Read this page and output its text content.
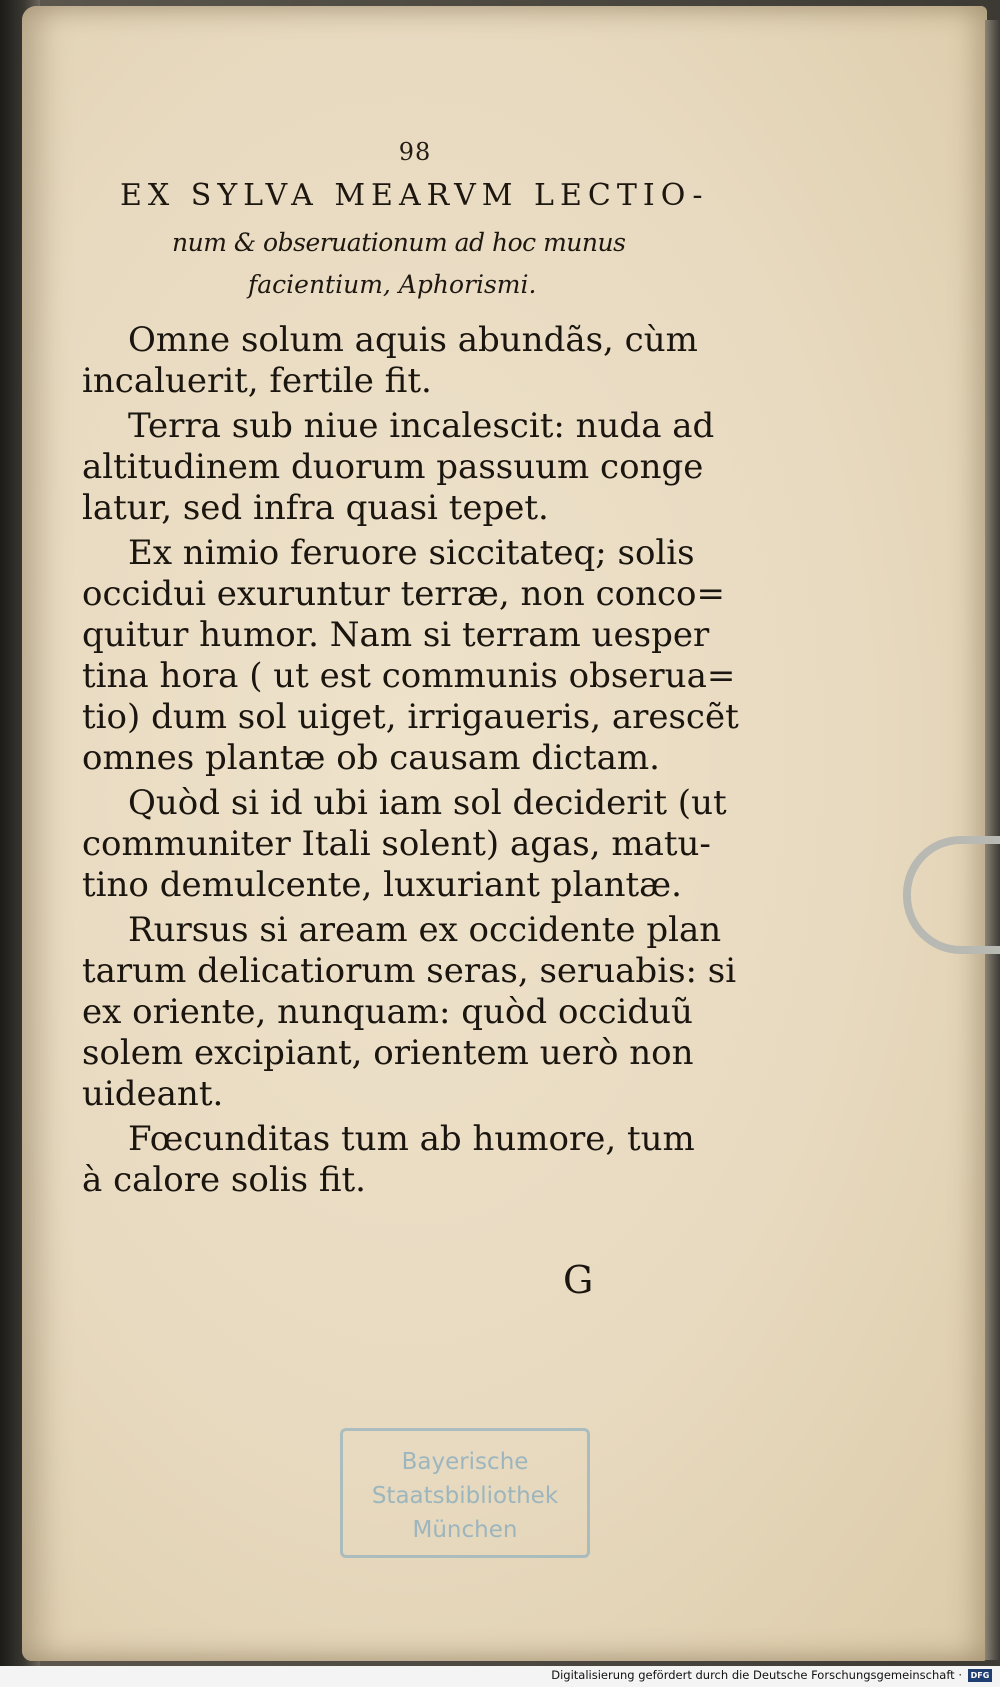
98
EX SYLVA MEARVM LECTIO-
num & obseruationum ad hoc munus
facientium, Aphorismi.
Omne solum aquis abundãs, cùm
incaluerit, fertile fit.
Terra sub niue incalescit: nuda ad
altitudinem duorum passuum conge
latur, sed infra quasi tepet.
Ex nimio feruore siccitateq; solis
occidui exuruntur terræ, non conco=
quitur humor. Nam si terram uesper
tina hora ( ut est communis obserua=
tio) dum sol uiget, irrigaueris, arescẽt
omnes plantæ ob causam dictam.
Quòd si id ubi iam sol deciderit (ut
communiter Itali solent) agas, matu-
tino demulcente, luxuriant plantæ.
Rursus si aream ex occidente plan
tarum delicatiorum seras, seruabis: si
ex oriente, nunquam: quòd occiduũ
solem excipiant, orientem uerò non
uideant.
Fœcunditas tum ab humore, tum
à calore solis fit.
G
Bayerische
Staatsbibliothek
München
Digitalisierung gefördert durch die Deutsche Forschungsgemeinschaft ·	DFG
